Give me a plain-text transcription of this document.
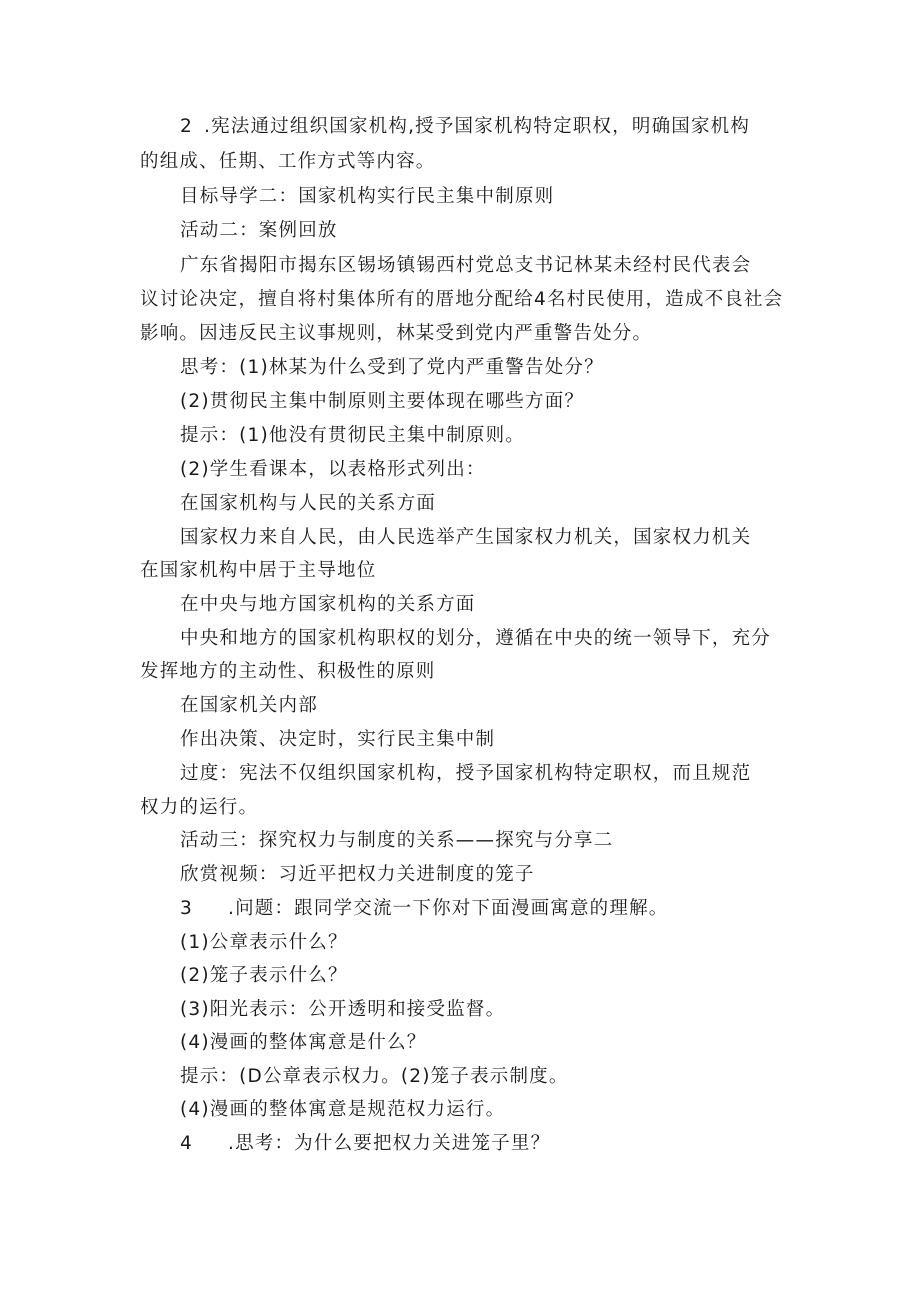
2 .宪法通过组织国家机构,授予国家机构特定职权，明确国家机构
的组成、任期、工作方式等内容。
目标导学二：国家机构实行民主集中制原则
活动二：案例回放
广东省揭阳市揭东区锡场镇锡西村党总支书记林某未经村民代表会
议讨论决定，擅自将村集体所有的厝地分配给4名村民使用，造成不良社会
影响。因违反民主议事规则，林某受到党内严重警告处分。
思考：(1)林某为什么受到了党内严重警告处分？
(2)贯彻民主集中制原则主要体现在哪些方面？
提示：(1)他没有贯彻民主集中制原则。
(2)学生看课本，以表格形式列出：
在国家机构与人民的关系方面
国家权力来自人民，由人民选举产生国家权力机关，国家权力机关
在国家机构中居于主导地位
在中央与地方国家机构的关系方面
中央和地方的国家机构职权的划分，遵循在中央的统一领导下，充分
发挥地方的主动性、积极性的原则
在国家机关内部
作出决策、决定时，实行民主集中制
过度：宪法不仅组织国家机构，授予国家机构特定职权，而且规范
权力的运行。
活动三：探究权力与制度的关系——探究与分享二
欣赏视频：习近平把权力关进制度的笼子
3 .问题：跟同学交流一下你对下面漫画寓意的理解。
(1)公章表示什么？
(2)笼子表示什么？
(3)阳光表示：公开透明和接受监督。
(4)漫画的整体寓意是什么？
提示：(D公章表示权力。(2)笼子表示制度。
(4)漫画的整体寓意是规范权力运行。
4 .思考：为什么要把权力关进笼子里？
